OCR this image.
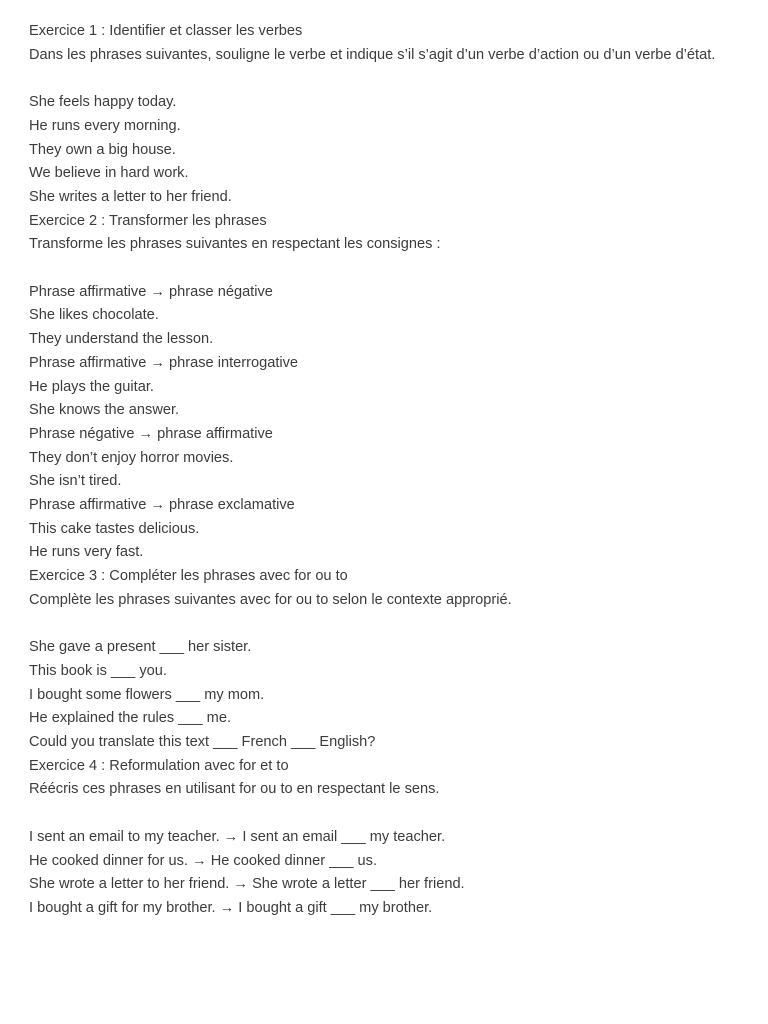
Exercice 1 : Identifier et classer les verbes

Dans les phrases suivantes, souligne le verbe et indique s’il s’agit d’un verbe d’action ou d’un verbe d’état.

She feels happy today.

He runs every morning.

They own a big house.

We believe in hard work.

She writes a letter to her friend.

Exercice 2 : Transformer les phrases

Transforme les phrases suivantes en respectant les consignes :

Phrase affirmative → phrase négative

She likes chocolate.

They understand the lesson.

Phrase affirmative → phrase interrogative

He plays the guitar.

She knows the answer.

Phrase négative → phrase affirmative

They don’t enjoy horror movies.

She isn’t tired.

Phrase affirmative → phrase exclamative

This cake tastes delicious.

He runs very fast.

Exercice 3 : Compléter les phrases avec for ou to

Complète les phrases suivantes avec for ou to selon le contexte approprié.

She gave a present ___ her sister.

This book is ___ you.

I bought some flowers ___ my mom.

He explained the rules ___ me.

Could you translate this text ___ French ___ English?

Exercice 4 : Reformulation avec for et to

Réécris ces phrases en utilisant for ou to en respectant le sens.

I sent an email to my teacher. → I sent an email ___ my teacher.

He cooked dinner for us. → He cooked dinner ___ us.

She wrote a letter to her friend. → She wrote a letter ___ her friend.

I bought a gift for my brother. → I bought a gift ___ my brother.
